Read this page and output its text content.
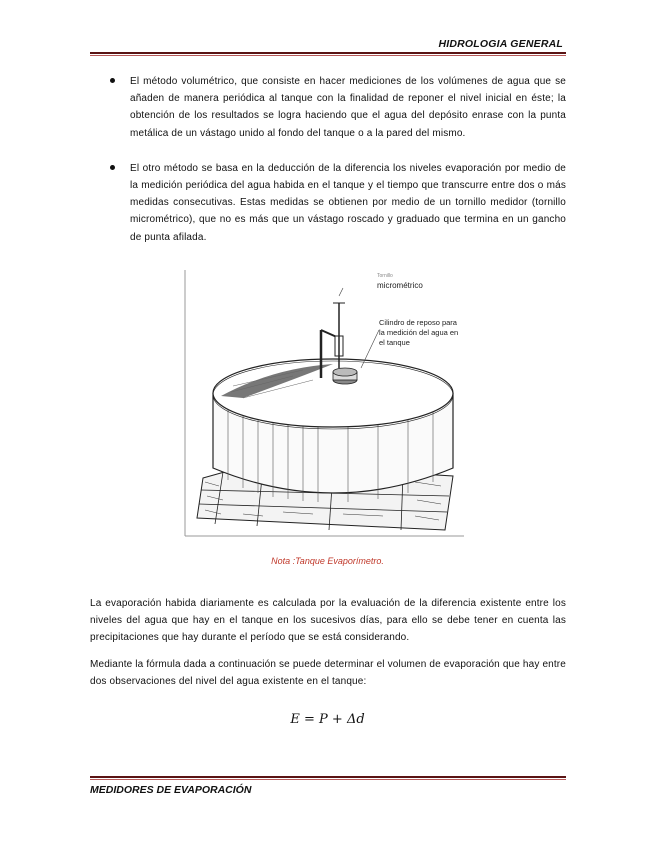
HIDROLOGIA GENERAL
El método volumétrico, que consiste en hacer mediciones de los volúmenes de agua que se añaden de manera periódica al tanque con la finalidad de reponer el nivel inicial en éste; la obtención de los resultados se logra haciendo que el agua del depósito enrase con la punta metálica de un vástago unido al fondo del tanque o a la pared del mismo.
El otro método se basa en la deducción de la diferencia los niveles evaporación por medio de la medición periódica del agua habida en el tanque y el tiempo que transcurre entre dos o más medidas consecutivas. Estas medidas se obtienen por medio de un tornillo medidor (tornillo micrométrico), que no es más que un vástago roscado y graduado que termina en un gancho de punta afilada.
Tornillo
micrométrico
Cilindro de reposo para
la medición del agua en
el tanque
Nota :Tanque Evaporímetro.
La evaporación habida diariamente es calculada por la evaluación de la diferencia existente entre los niveles del agua que hay en el tanque en los sucesivos días, para ello se debe tener en cuenta las precipitaciones que hay durante el período que se está considerando.
Mediante la fórmula dada a continuación se puede determinar el volumen de evaporación que hay entre dos observaciones del nivel del agua existente en el tanque:
E = P + Δd
MEDIDORES DE EVAPORACIÓN
